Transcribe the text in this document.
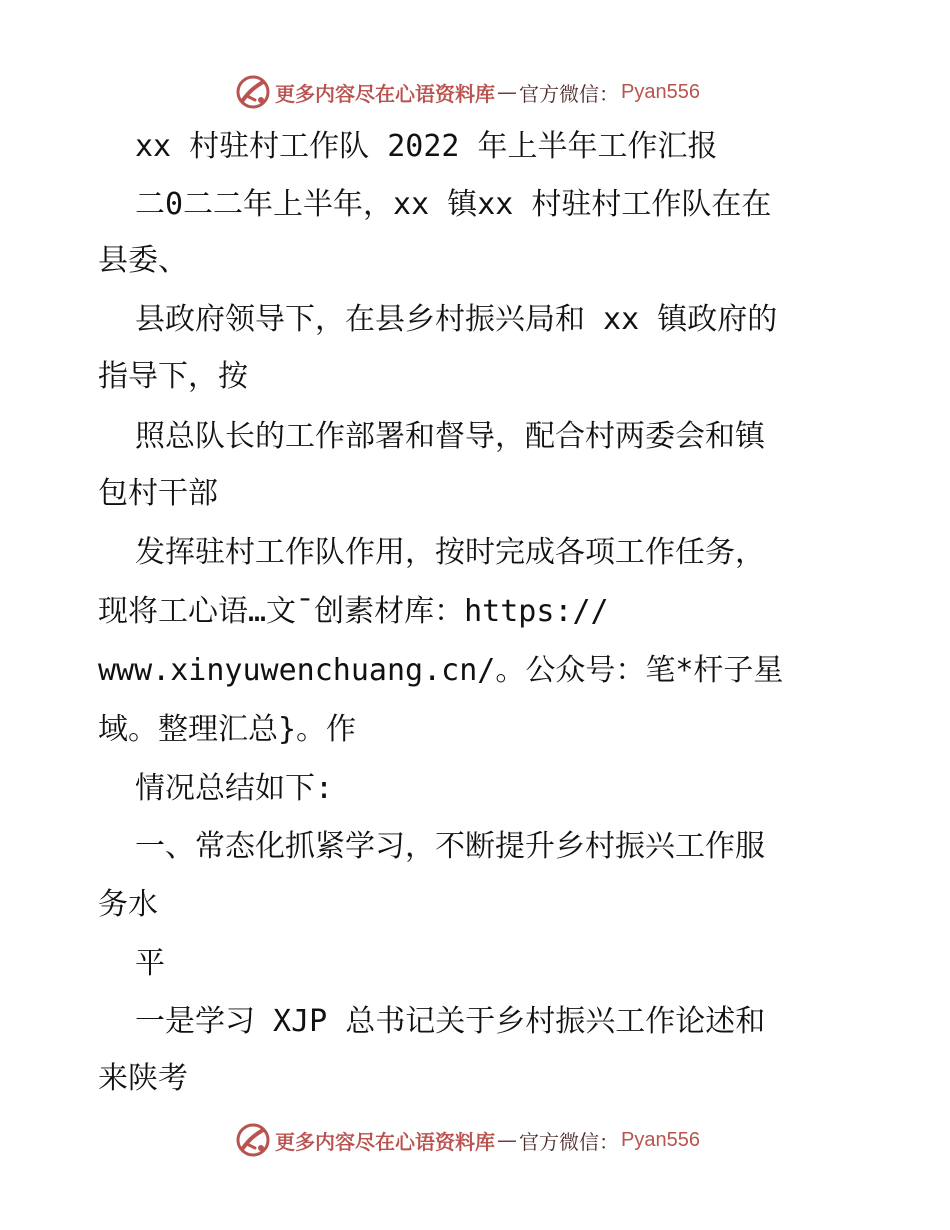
更多内容尽在心语资料库 — 官方微信： Pyan556
xx 村驻村工作队 2022 年上半年工作汇报
二0二二年上半年，xx 镇xx 村驻村工作队在在
县委、
县政府领导下，在县乡村振兴局和 xx 镇政府的
指导下，按
照总队长的工作部署和督导，配合村两委会和镇
包村干部
发挥驻村工作队作用，按时完成各项工作任务，
现将工心语…文¯创素材库：https://
www.xinyuwenchuang.cn/。公众号：笔*杆子星
域。整理汇总}。作
情况总结如下:
一、常态化抓紧学习，不断提升乡村振兴工作服
务水
平
一是学习 XJP 总书记关于乡村振兴工作论述和
来陕考
更多内容尽在心语资料库 — 官方微信： Pyan556
